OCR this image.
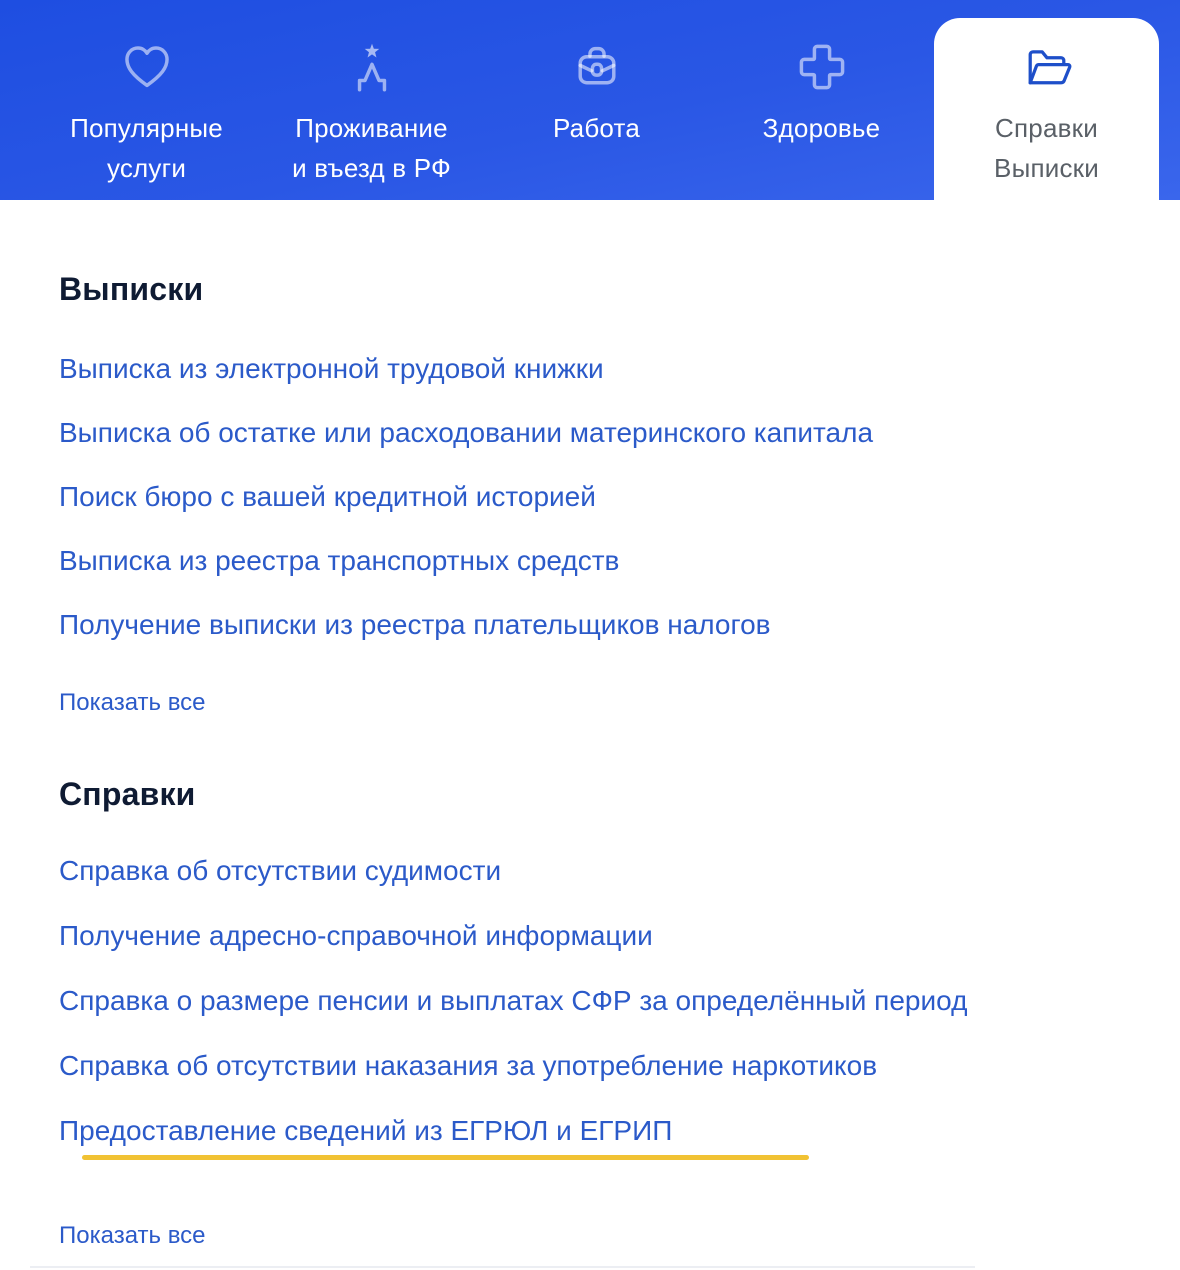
Популярные
услуги
Проживание
и въезд в РФ
Работа	Здоровье	Справки
Выписки
Выписки
Выписка из электронной трудовой книжки
Выписка об остатке или расходовании материнского капитала
Поиск бюро с вашей кредитной историей
Выписка из реестра транспортных средств
Получение выписки из реестра плательщиков налогов
Показать все
Справки
Справка об отсутствии судимости
Получение адресно-справочной информации
Справка о размере пенсии и выплатах СФР за определённый период
Справка об отсутствии наказания за употребление наркотиков
Предоставление сведений из ЕГРЮЛ и ЕГРИП
Показать все
